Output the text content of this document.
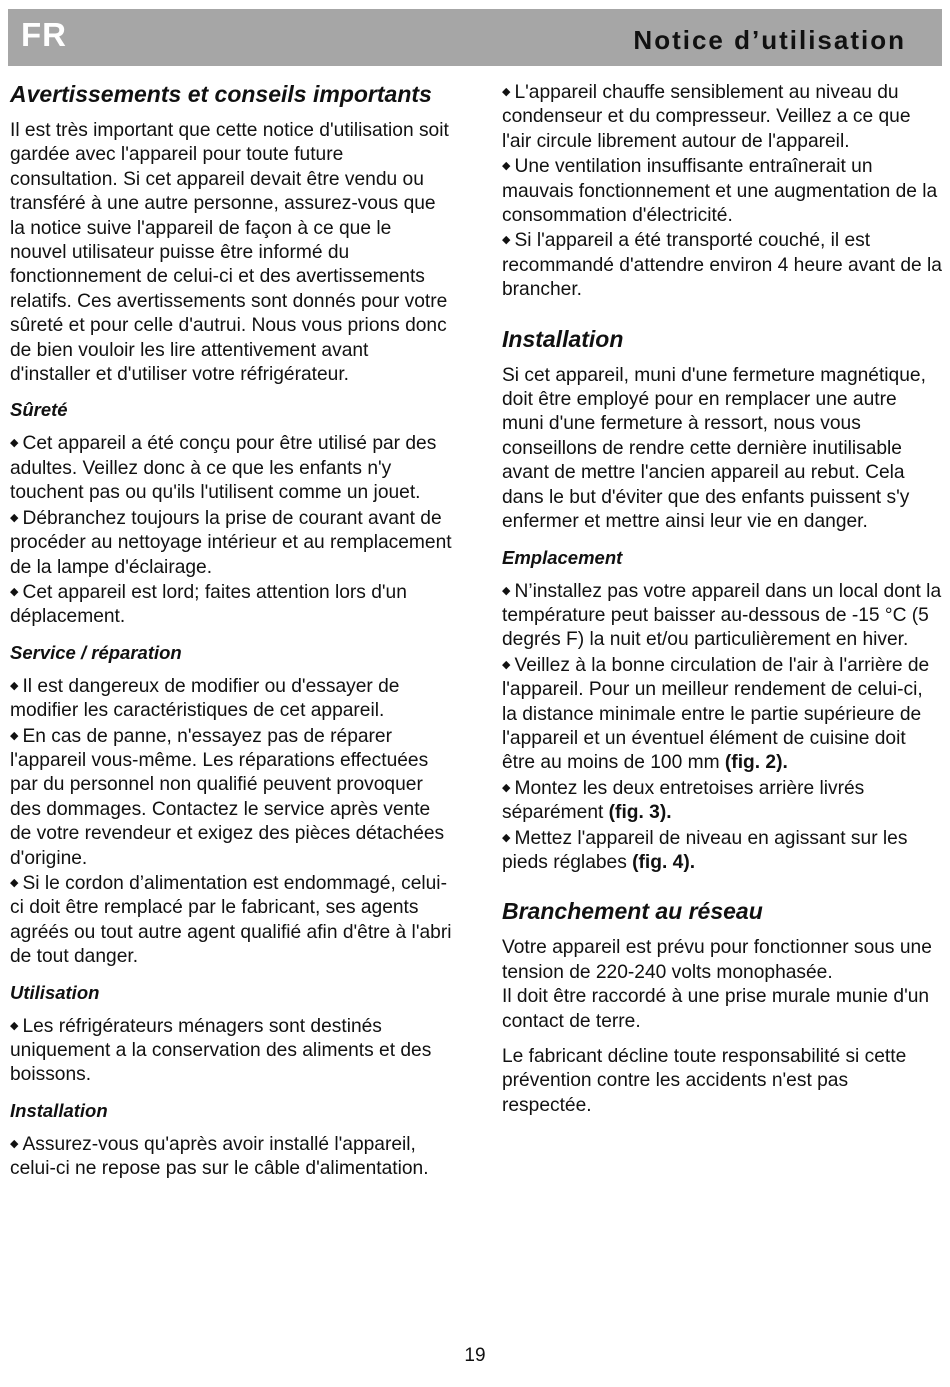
FR	Notice d’utilisation
Avertissements et conseils importants

Il est très important que cette notice d'utilisation soit gardée avec l'appareil pour toute future consultation. Si cet appareil devait être vendu ou transféré à une autre personne, assurez-vous que la notice suive l'appareil de façon à ce que le nouvel utilisateur puisse être informé du fonctionnement de celui-ci et des avertissements relatifs. Ces avertissements sont donnés pour votre sûreté et pour celle d'autrui. Nous vous prions donc de bien vouloir les lire attentivement avant d'installer et d'utiliser votre réfrigérateur.

Sûreté

◆ Cet appareil a été conçu pour être utilisé par des adultes. Veillez donc à ce que les enfants n'y touchent pas ou qu'ils l'utilisent comme un jouet.
◆ Débranchez toujours la prise de courant avant de procéder au nettoyage intérieur et au remplacement de la lampe d'éclairage.
◆ Cet appareil est lord; faites attention lors d'un déplacement.

Service / réparation

◆ Il est dangereux de modifier ou d'essayer de modifier les caractéristiques de cet appareil.
◆ En cas de panne, n'essayez pas de réparer l'appareil vous-même. Les réparations effectuées par du personnel non qualifié peuvent provoquer des dommages. Contactez le service après vente de votre revendeur et exigez des pièces détachées d'origine.
◆ Si le cordon d’alimentation est endommagé, celui-ci doit être remplacé par le fabricant, ses agents agréés ou tout autre agent qualifié afin d'être à l'abri de tout danger.

Utilisation

◆ Les réfrigérateurs ménagers sont destinés uniquement a la conservation des aliments et des boissons.

Installation

◆ Assurez-vous qu'après avoir installé l'appareil, celui-ci ne repose pas sur le câble d'alimentation.

◆ L'appareil chauffe sensiblement au niveau du condenseur et du compresseur. Veillez a ce que l'air circule librement autour de l'appareil.
◆ Une ventilation insuffisante entraînerait un mauvais fonctionnement et une augmentation de la consommation d'électricité.
◆ Si l'appareil a été transporté couché, il est recommandé d'attendre environ 4 heure avant de la brancher.

Installation

Si cet appareil, muni d'une fermeture magnétique, doit être employé pour en remplacer une autre muni d'une fermeture à ressort, nous vous conseillons de rendre cette dernière inutilisable avant de mettre l'ancien appareil au rebut. Cela dans le but d'éviter que des enfants puissent s'y enfermer et mettre ainsi leur vie en danger.

Emplacement

◆ N’installez pas votre appareil dans un local dont la température peut baisser au-dessous de -15 °C (5 degrés F) la nuit et/ou particulièrement en hiver.
◆ Veillez à la bonne circulation de l'air à l'arrière de l'appareil. Pour un meilleur rendement de celui-ci, la distance minimale entre le partie supérieure de l'appareil et un éventuel élément de cuisine doit être au moins de 100 mm (fig. 2).
◆ Montez les deux entretoises arrière livrés séparément (fig. 3).
◆ Mettez l'appareil de niveau en agissant sur les pieds réglabes (fig. 4).

Branchement au réseau

Votre appareil est prévu pour fonctionner sous une tension de 220-240 volts monophasée.
Il doit être raccordé à une prise murale munie d'un contact de terre.

Le fabricant décline toute responsabilité si cette prévention contre les accidents n'est pas respectée.

19
